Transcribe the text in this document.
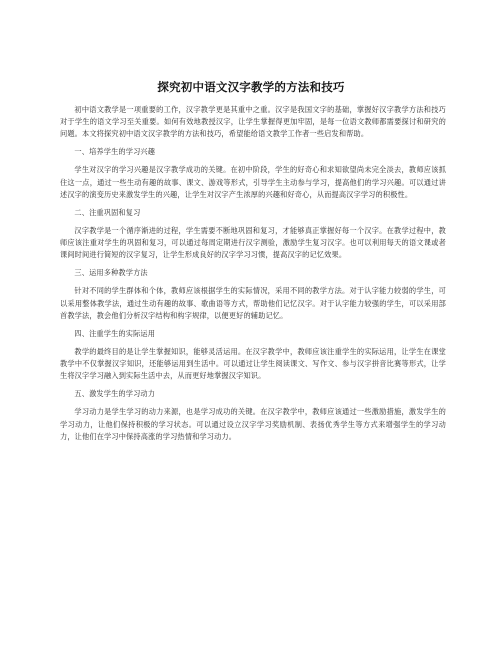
探究初中语文汉字教学的方法和技巧

初中语文教学是一项重要的工作，汉字教学更是其重中之重。汉字是我国文字的基础，掌握好汉字教学方法和技巧对于学生的语文学习至关重要。如何有效地教授汉字，让学生掌握得更加牢固，是每一位语文教师都需要探讨和研究的问题。本文将探究初中语文汉字教学的方法和技巧，希望能给语文教学工作者一些启发和帮助。

一、培养学生的学习兴趣

学生对汉字的学习兴趣是汉字教学成功的关键。在初中阶段，学生的好奇心和求知欲望尚未完全淡去，教师应该抓住这一点，通过一些生动有趣的故事、课文、游戏等形式，引导学生主动参与学习，提高他们的学习兴趣。可以通过讲述汉字的演变历史来激发学生的兴趣，让学生对汉字产生浓厚的兴趣和好奇心，从而提高汉字学习的积极性。

二、注重巩固和复习

汉字教学是一个循序渐进的过程，学生需要不断地巩固和复习，才能够真正掌握好每一个汉字。在教学过程中，教师应该注重对学生的巩固和复习，可以通过每周定期进行汉字测验，激励学生复习汉字。也可以利用每天的语文课或者课间时间进行简短的汉字复习，让学生形成良好的汉字学习习惯，提高汉字的记忆效果。

三、运用多种教学方法

针对不同的学生群体和个体，教师应该根据学生的实际情况，采用不同的教学方法。对于认字能力较弱的学生，可以采用整体教学法，通过生动有趣的故事、歌曲语等方式，帮助他们记忆汉字。对于认字能力较强的学生，可以采用部首教学法，教会他们分析汉字结构和构字规律，以便更好的辅助记忆。

四、注重学生的实际运用

教学的最终目的是让学生掌握知识，能够灵活运用。在汉字教学中，教师应该注重学生的实际运用，让学生在课堂教学中不仅掌握汉字知识，还能够运用到生活中。可以通过让学生阅读课文、写作文、参与汉字拼音比赛等形式，让学生将汉字学习融入到实际生活中去，从而更好地掌握汉字知识。

五、激发学生的学习动力

学习动力是学生学习的动力来源，也是学习成功的关键。在汉字教学中，教师应该通过一些激励措施，激发学生的学习动力，让他们保持积极的学习状态。可以通过设立汉字学习奖励机制、表扬优秀学生等方式来增强学生的学习动力，让他们在学习中保持高涨的学习热情和学习动力。
